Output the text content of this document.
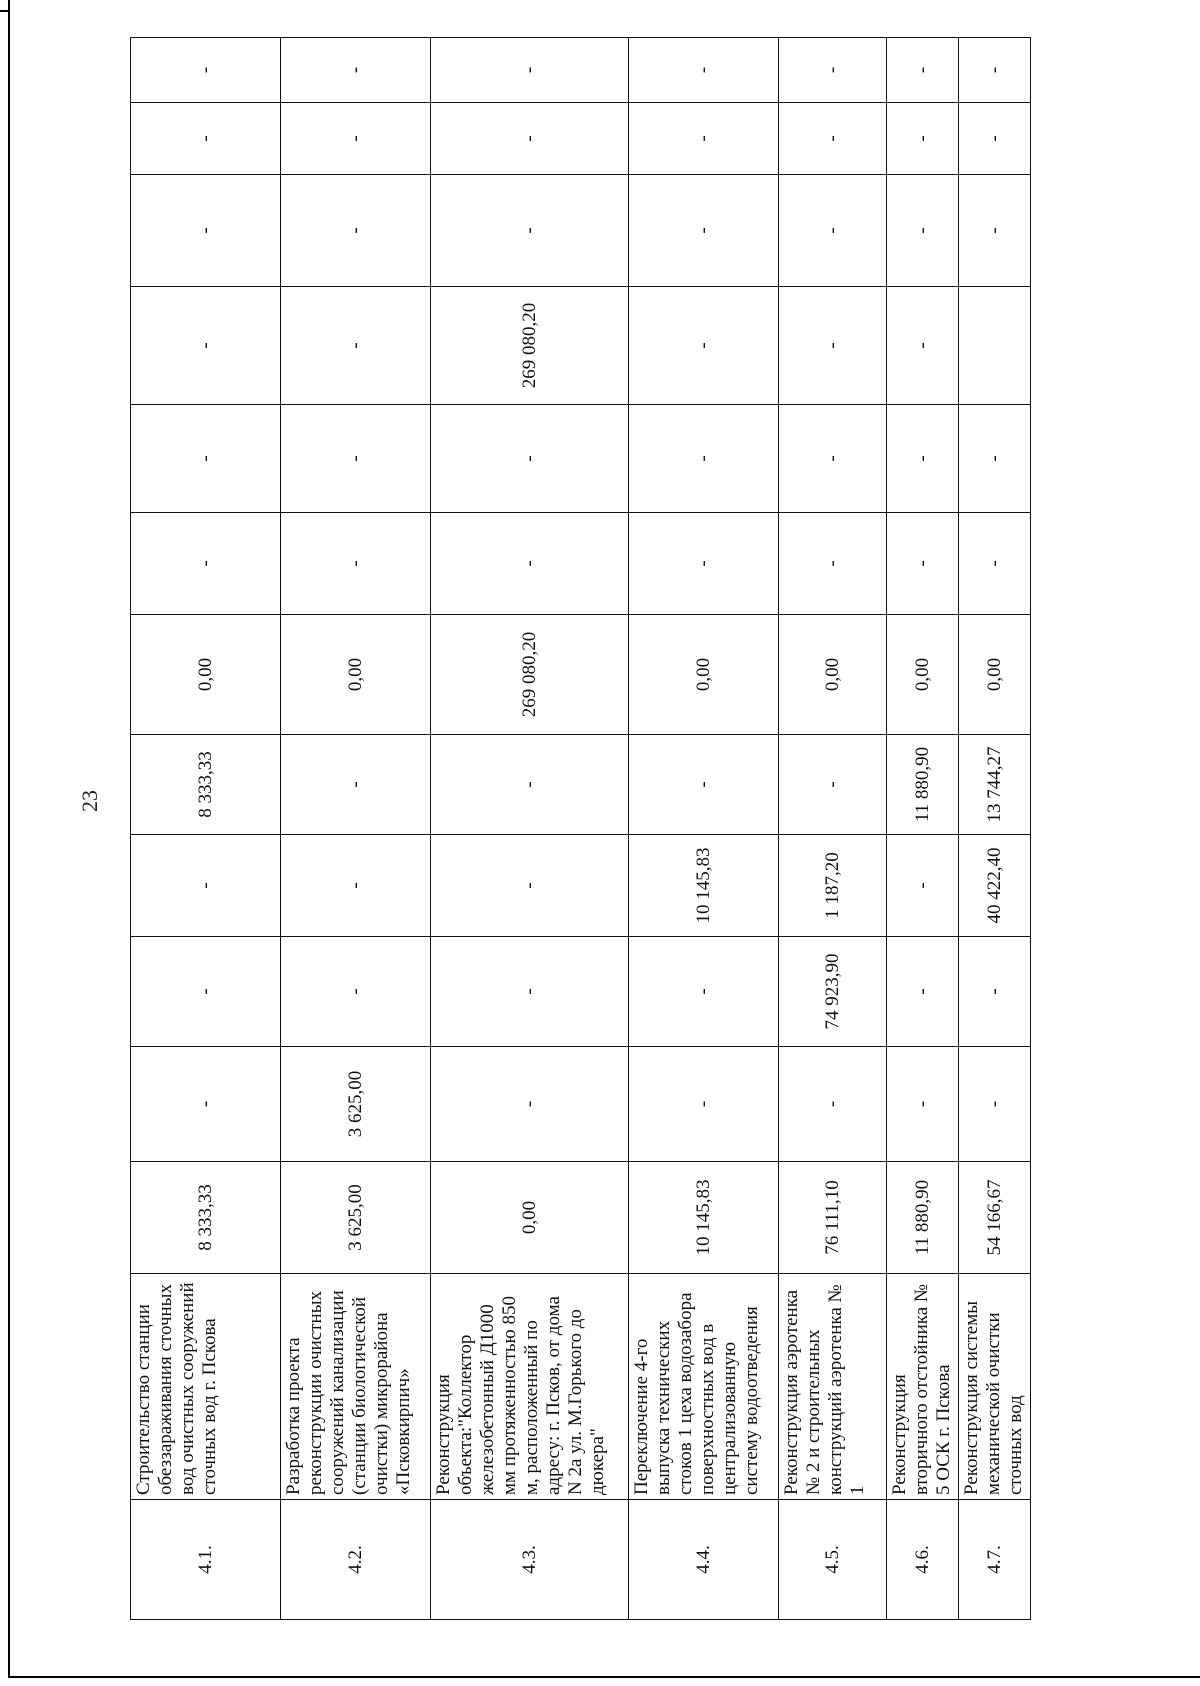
23
4.1.	Строительство станции обеззараживания сточных вод очистных сооружений сточных вод г. Пскова	8 333,33	-	-	-	8 333,33	0,00	-	-	-	-	-	-
4.2.	Разработка проекта реконструкции очистных сооружений канализации (станции биологической очистки) микрорайона «Псковкирпич»	3 625,00	3 625,00	-	-	-	0,00	-	-	-	-	-	-
4.3.	Реконструкция объекта:"Коллектор железобетонный Д1000 мм протяженностью 850 м, расположенный по адресу: г. Псков, от дома N 2а ул. М.Горького до дюкера"	0,00	-	-	-	-	269 080,20	-	-	269 080,20	-	-	-
4.4.	Переключение 4-го выпуска технических стоков 1 цеха водозабора поверхностных вод в централизованную систему водоотведения	10 145,83	-	-	10 145,83	-	0,00	-	-	-	-	-	-
4.5.	Реконструкция аэротенка № 2 и строительных конструкций аэротенка № 1	76 111,10	-	74 923,90	1 187,20	-	0,00	-	-	-	-	-	-
4.6.	Реконструкция вторичного отстойника № 5 ОСК г. Пскова	11 880,90	-	-	-	11 880,90	0,00	-	-	-	-	-	-
4.7.	Реконструкция системы механической очистки сточных вод	54 166,67	-	-	40 422,40	13 744,27	0,00	-	-		-	-	-
